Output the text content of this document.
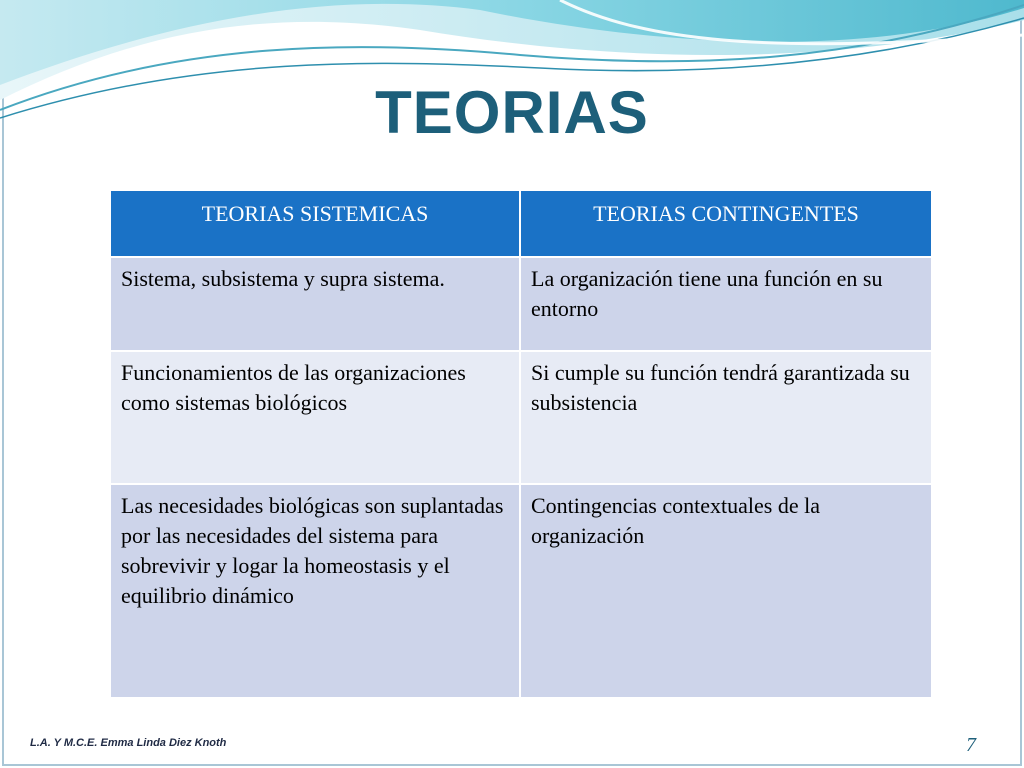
TEORIAS
TEORIAS SISTEMICAS	TEORIAS CONTINGENTES
Sistema, subsistema y supra sistema.	La organización tiene una función en su entorno
Funcionamientos de las organizaciones como sistemas biológicos	Si cumple su función tendrá garantizada su subsistencia
Las necesidades biológicas son suplantadas por las necesidades del sistema para sobrevivir y logar la homeostasis y el equilibrio dinámico	Contingencias contextuales de la organización
L.A. Y M.C.E. Emma Linda Diez Knoth	7
